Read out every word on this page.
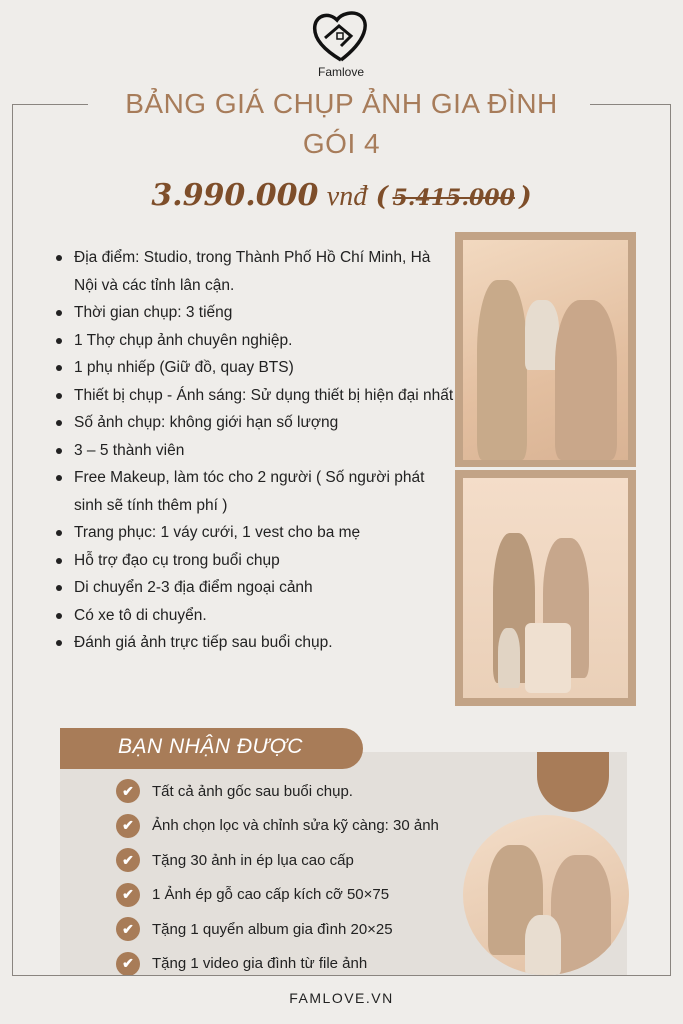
Famlove
BẢNG GIÁ CHỤP ẢNH GIA ĐÌNH
GÓI 4
3.990.000 vnđ ( 5.415.000 )
Địa điểm: Studio, trong Thành Phố Hồ Chí Minh, Hà Nội và các tỉnh lân cận.
Thời gian chụp: 3 tiếng
1 Thợ chụp ảnh chuyên nghiệp.
1 phụ nhiếp (Giữ đồ, quay BTS)
Thiết bị chụp - Ánh sáng: Sử dụng thiết bị hiện đại nhất
Số ảnh chụp: không giới hạn số lượng
3 – 5 thành viên
Free Makeup, làm tóc cho 2 người ( Số người phát sinh sẽ tính thêm phí )
Trang phục: 1 váy cưới, 1 vest cho ba mẹ
Hỗ trợ đạo cụ trong buổi chụp
Di chuyển 2-3 địa điểm ngoại cảnh
Có xe tô di chuyển.
Đánh giá ảnh trực tiếp sau buổi chụp.
BẠN NHẬN ĐƯỢC
✔	Tất cả ảnh gốc sau buổi chụp.
✔	Ảnh chọn lọc và chỉnh sửa kỹ càng: 30 ảnh
✔	Tặng 30 ảnh in ép lụa cao cấp
✔	1 Ảnh ép gỗ cao cấp kích cỡ 50×75
✔	Tặng 1 quyển album gia đình 20×25
✔	Tặng 1 video gia đình từ file ảnh
FAMLOVE.VN
